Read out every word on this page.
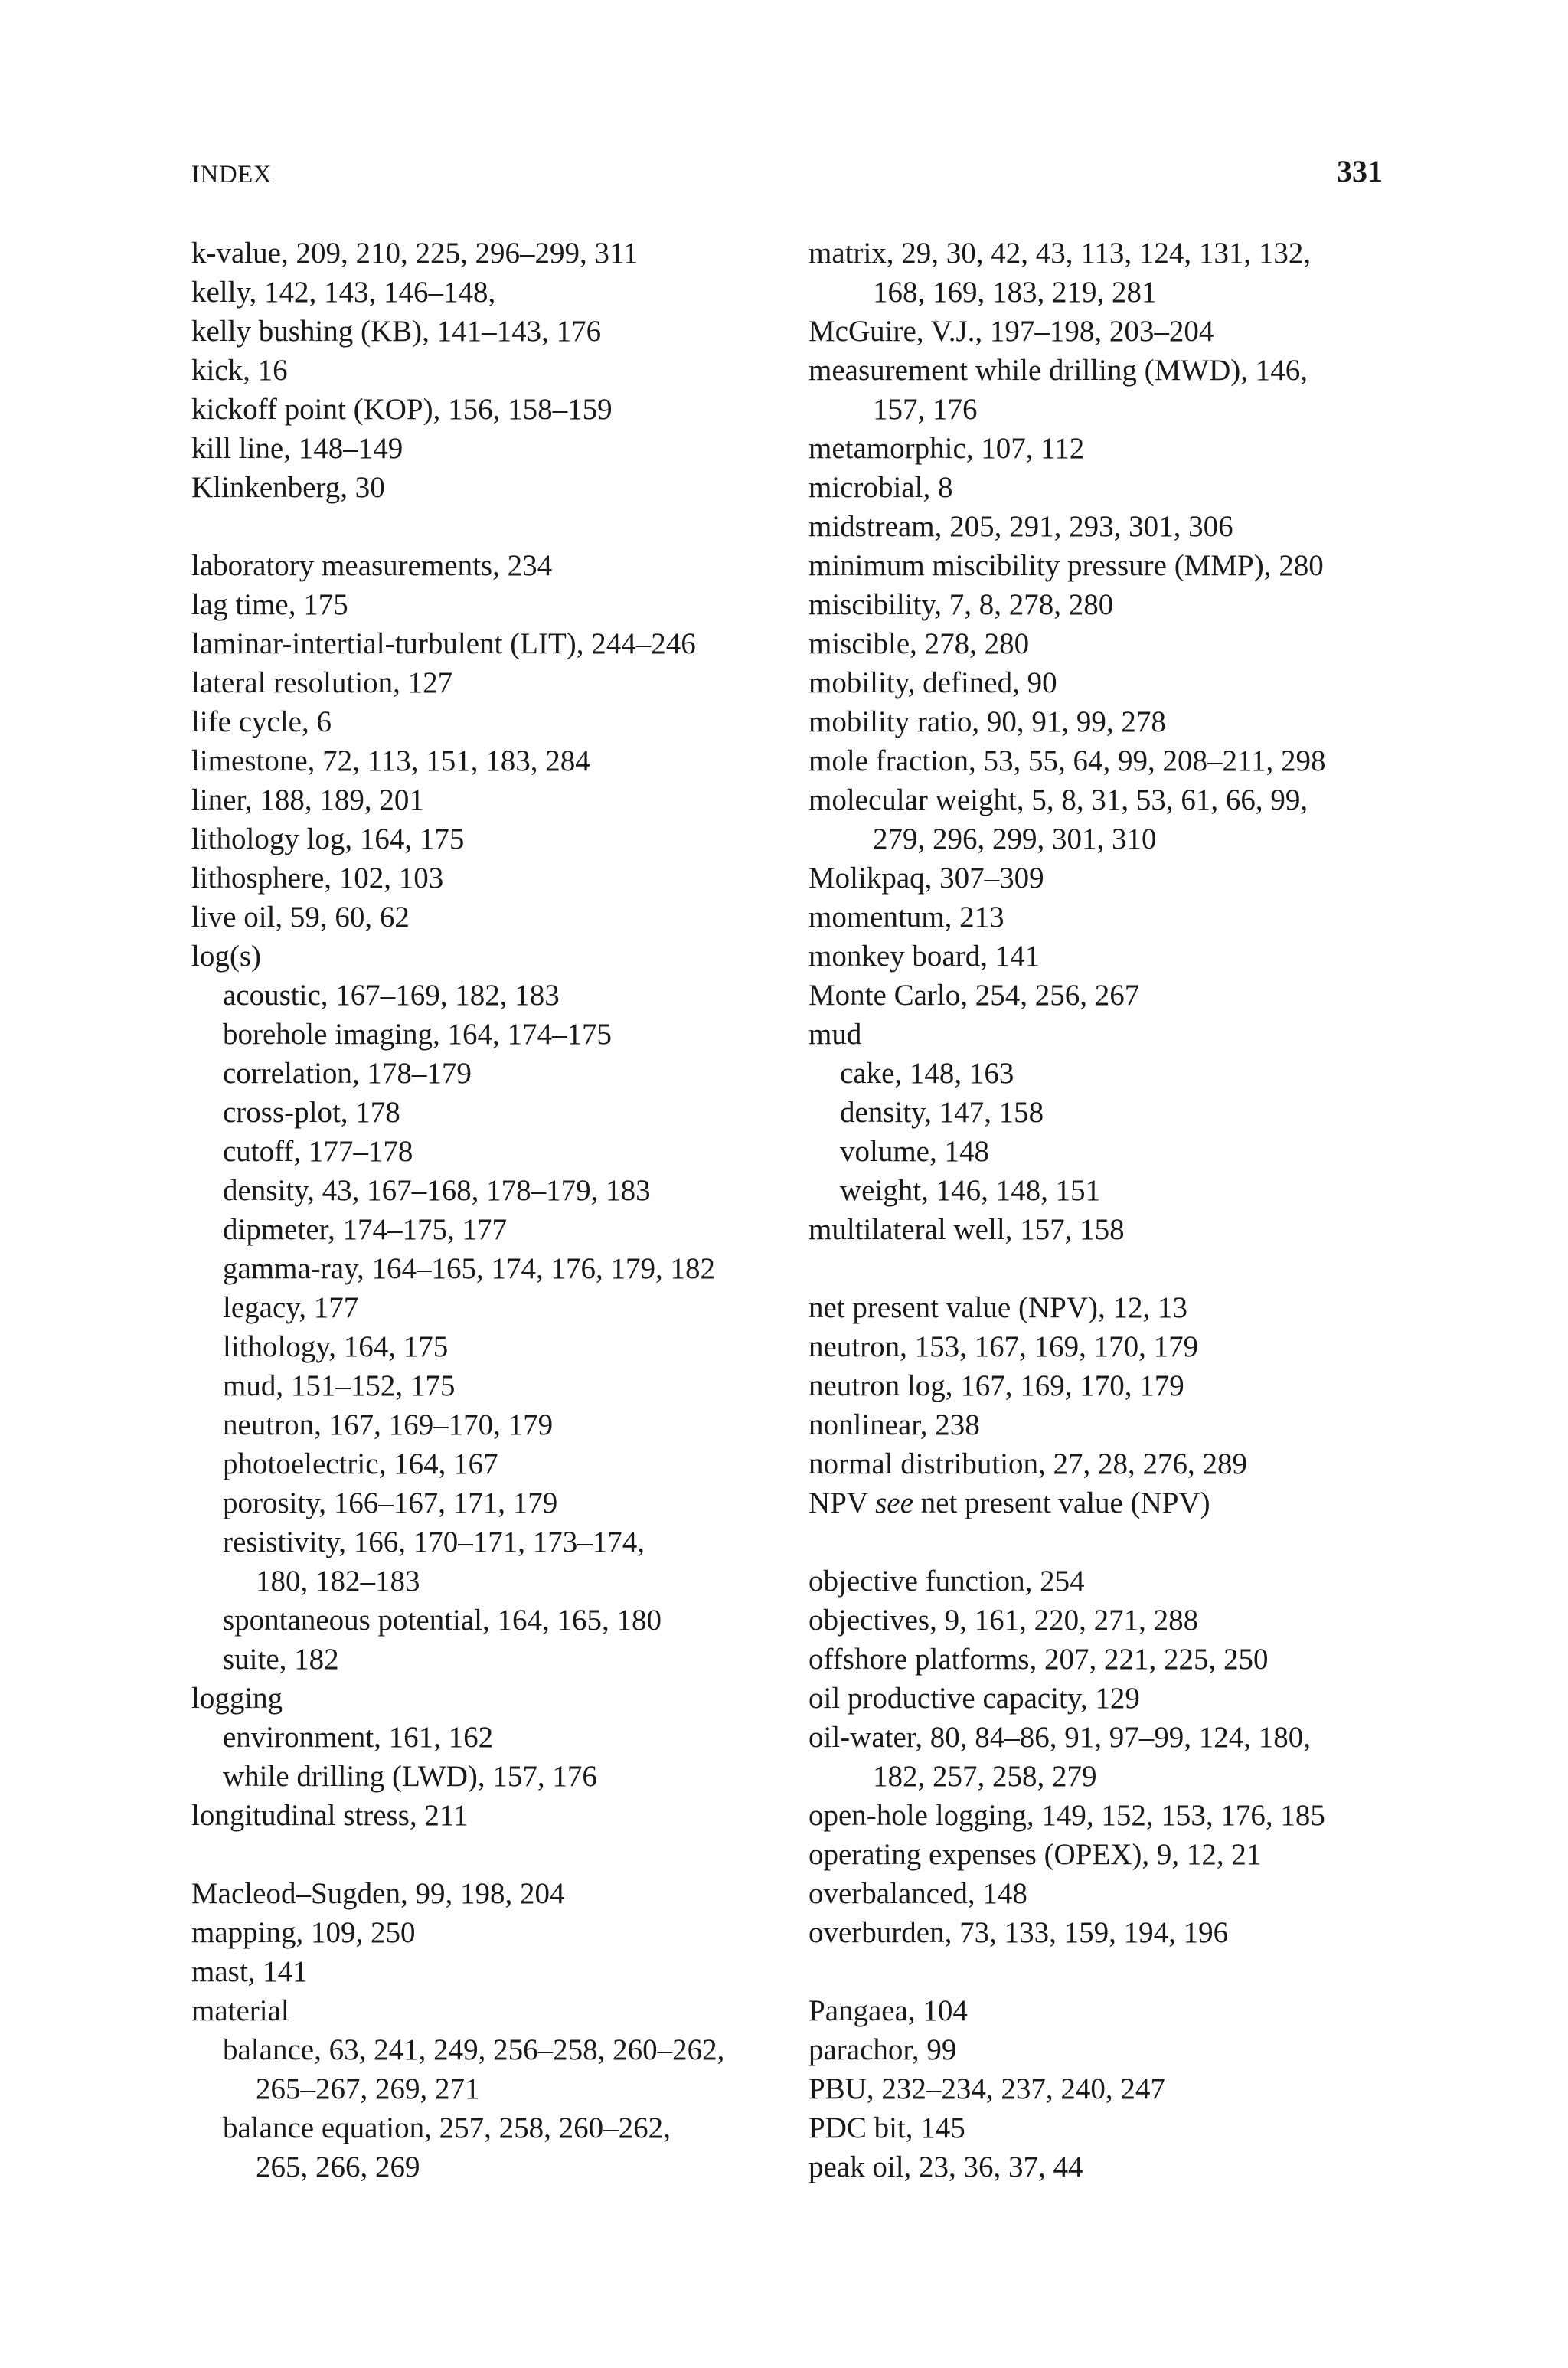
INDEX	331
k-value, 209, 210, 225, 296–299, 311
kelly, 142, 143, 146–148,
kelly bushing (KB), 141–143, 176
kick, 16
kickoff point (KOP), 156, 158–159
kill line, 148–149
Klinkenberg, 30
laboratory measurements, 234
lag time, 175
laminar-intertial-turbulent (LIT), 244–246
lateral resolution, 127
life cycle, 6
limestone, 72, 113, 151, 183, 284
liner, 188, 189, 201
lithology log, 164, 175
lithosphere, 102, 103
live oil, 59, 60, 62
log(s)
acoustic, 167–169, 182, 183
borehole imaging, 164, 174–175
correlation, 178–179
cross-plot, 178
cutoff, 177–178
density, 43, 167–168, 178–179, 183
dipmeter, 174–175, 177
gamma-ray, 164–165, 174, 176, 179, 182
legacy, 177
lithology, 164, 175
mud, 151–152, 175
neutron, 167, 169–170, 179
photoelectric, 164, 167
porosity, 166–167, 171, 179
resistivity, 166, 170–171, 173–174,
180, 182–183
spontaneous potential, 164, 165, 180
suite, 182
logging
environment, 161, 162
while drilling (LWD), 157, 176
longitudinal stress, 211
Macleod–Sugden, 99, 198, 204
mapping, 109, 250
mast, 141
material
balance, 63, 241, 249, 256–258, 260–262,
265–267, 269, 271
balance equation, 257, 258, 260–262,
265, 266, 269
matrix, 29, 30, 42, 43, 113, 124, 131, 132,
168, 169, 183, 219, 281
McGuire, V.J., 197–198, 203–204
measurement while drilling (MWD), 146,
157, 176
metamorphic, 107, 112
microbial, 8
midstream, 205, 291, 293, 301, 306
minimum miscibility pressure (MMP), 280
miscibility, 7, 8, 278, 280
miscible, 278, 280
mobility, defined, 90
mobility ratio, 90, 91, 99, 278
mole fraction, 53, 55, 64, 99, 208–211, 298
molecular weight, 5, 8, 31, 53, 61, 66, 99,
279, 296, 299, 301, 310
Molikpaq, 307–309
momentum, 213
monkey board, 141
Monte Carlo, 254, 256, 267
mud
cake, 148, 163
density, 147, 158
volume, 148
weight, 146, 148, 151
multilateral well, 157, 158
net present value (NPV), 12, 13
neutron, 153, 167, 169, 170, 179
neutron log, 167, 169, 170, 179
nonlinear, 238
normal distribution, 27, 28, 276, 289
NPV see net present value (NPV)
objective function, 254
objectives, 9, 161, 220, 271, 288
offshore platforms, 207, 221, 225, 250
oil productive capacity, 129
oil-water, 80, 84–86, 91, 97–99, 124, 180,
182, 257, 258, 279
open-hole logging, 149, 152, 153, 176, 185
operating expenses (OPEX), 9, 12, 21
overbalanced, 148
overburden, 73, 133, 159, 194, 196
Pangaea, 104
parachor, 99
PBU, 232–234, 237, 240, 247
PDC bit, 145
peak oil, 23, 36, 37, 44
